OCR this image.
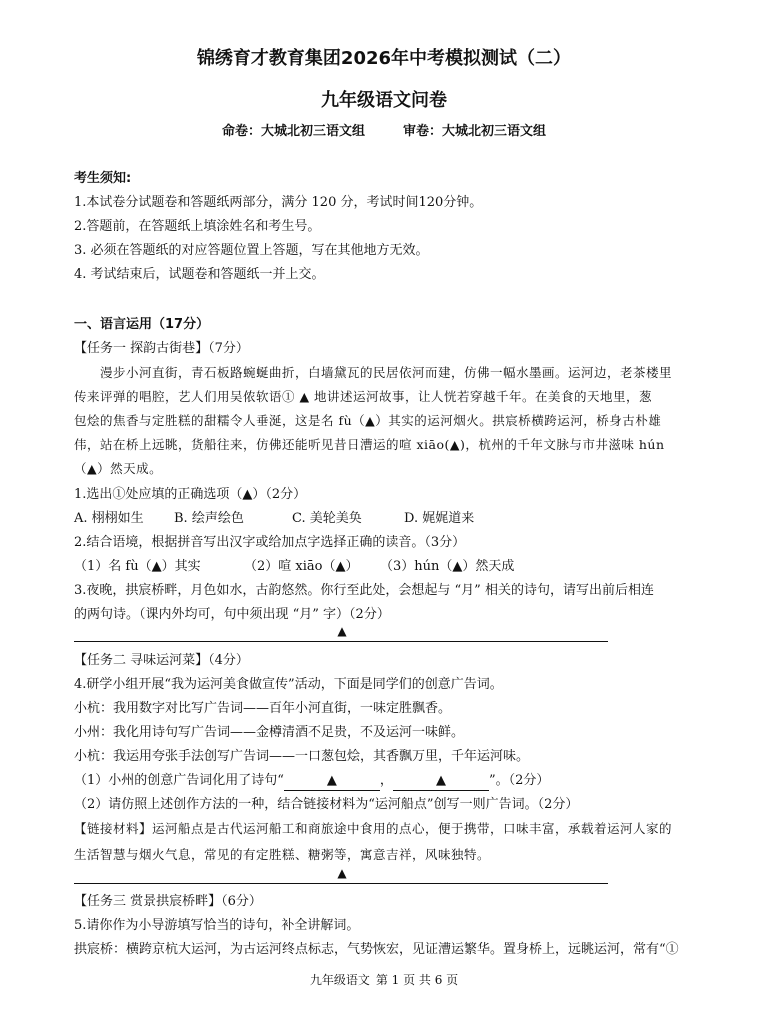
锦绣育才教育集团2026年中考模拟测试（二）
九年级语文问卷
命卷：大城北初三语文组	审卷：大城北初三语文组
考生须知:
1.本试卷分试题卷和答题纸两部分，满分 120 分，考试时间120分钟。
2.答题前，在答题纸上填涂姓名和考生号。
3. 必须在答题纸的对应答题位置上答题，写在其他地方无效。
4. 考试结束后，试题卷和答题纸一并上交。
一、语言运用（17分）
【任务一 探韵古街巷】（7分）
　　漫步小河直街，青石板路蜿蜒曲折，白墙黛瓦的民居依河而建，仿佛一幅水墨画。运河边，老茶楼里
传来评弹的唱腔，艺人们用吴侬软语① ▲ 地讲述运河故事，让人恍若穿越千年。在美食的天地里，葱
包烩的焦香与定胜糕的甜糯令人垂涎，这是名 fù（▲）其实的运河烟火。拱宸桥横跨运河，桥身古朴雄
伟，站在桥上远眺，货船往来，仿佛还能听见昔日漕运的喧 xiāo(▲)，杭州的千年文脉与市井滋味 hún
（▲）然天成。
1.选出①处应填的正确选项（▲）（2分）
A. 栩栩如生 B. 绘声绘色	C. 美轮美奂	D. 娓娓道来
2.结合语境，根据拼音写出汉字或给加点字选择正确的读音。（3分）
（1）名 fù（▲）其实	（2）喧 xiāo（▲） （3）hún（▲）然天成
3.夜晚，拱宸桥畔，月色如水，古韵悠然。你行至此处，会想起与 “月” 相关的诗句，请写出前后相连
的两句诗。（课内外均可，句中须出现 “月” 字）（2分）
▲
【任务二 寻味运河菜】（4分）
4.研学小组开展“我为运河美食做宣传”活动，下面是同学们的创意广告词。
小杭：我用数字对比写广告词——百年小河直街，一味定胜飘香。
小州：我化用诗句写广告词——金樽清酒不足贵，不及运河一味鲜。
小杭：我运用夸张手法创写广告词——一口葱包烩，其香飘万里，千年运河味。
（1）小州的创意广告词化用了诗句“	▲	，	▲	”。（2分）
（2）请仿照上述创作方法的一种，结合链接材料为“运河船点”创写一则广告词。（2分）
【链接材料】运河船点是古代运河船工和商旅途中食用的点心，便于携带，口味丰富，承载着运河人家的
生活智慧与烟火气息，常见的有定胜糕、糖粥等，寓意吉祥，风味独特。
▲
【任务三 赏景拱宸桥畔】（6分）
5.请你作为小导游填写恰当的诗句，补全讲解词。
拱宸桥：横跨京杭大运河，为古运河终点标志，气势恢宏，见证漕运繁华。置身桥上，远眺运河，常有“①
九年级语文 第 1 页 共 6 页
